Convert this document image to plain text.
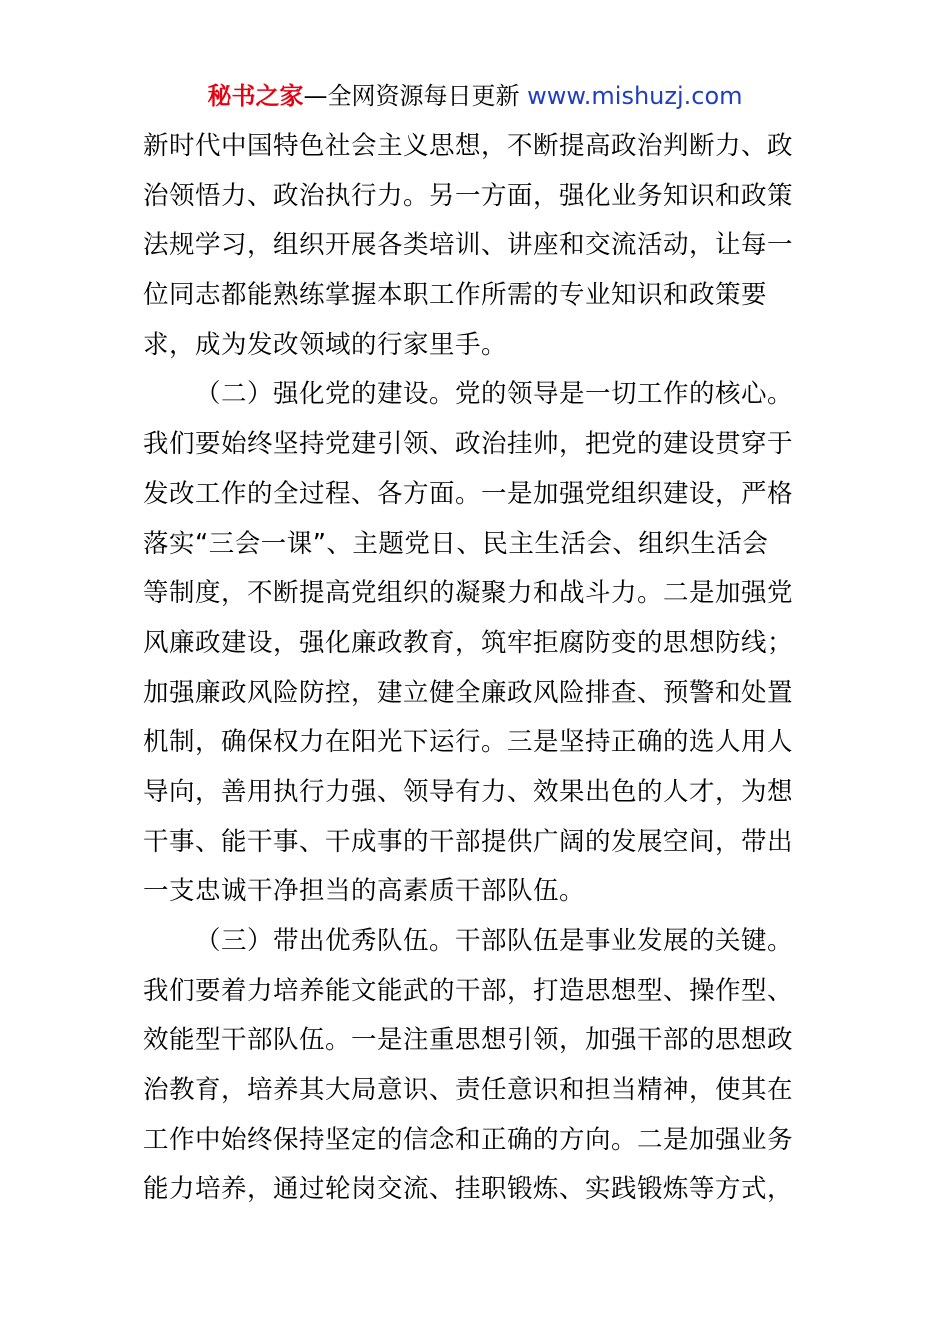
秘书之家—全网资源每日更新 www.mishuzj.com
新时代中国特色社会主义思想，不断提高政治判断力、政
治领悟力、政治执行力。另一方面，强化业务知识和政策
法规学习，组织开展各类培训、讲座和交流活动，让每一
位同志都能熟练掌握本职工作所需的专业知识和政策要
求，成为发改领域的行家里手。
（二）强化党的建设。党的领导是一切工作的核心。
我们要始终坚持党建引领、政治挂帅，把党的建设贯穿于
发改工作的全过程、各方面。一是加强党组织建设，严格
落实“三会一课”、主题党日、民主生活会、组织生活会
等制度，不断提高党组织的凝聚力和战斗力。二是加强党
风廉政建设，强化廉政教育，筑牢拒腐防变的思想防线；
加强廉政风险防控，建立健全廉政风险排查、预警和处置
机制，确保权力在阳光下运行。三是坚持正确的选人用人
导向，善用执行力强、领导有力、效果出色的人才，为想
干事、能干事、干成事的干部提供广阔的发展空间，带出
一支忠诚干净担当的高素质干部队伍。
（三）带出优秀队伍。干部队伍是事业发展的关键。
我们要着力培养能文能武的干部，打造思想型、操作型、
效能型干部队伍。一是注重思想引领，加强干部的思想政
治教育，培养其大局意识、责任意识和担当精神，使其在
工作中始终保持坚定的信念和正确的方向。二是加强业务
能力培养，通过轮岗交流、挂职锻炼、实践锻炼等方式，
